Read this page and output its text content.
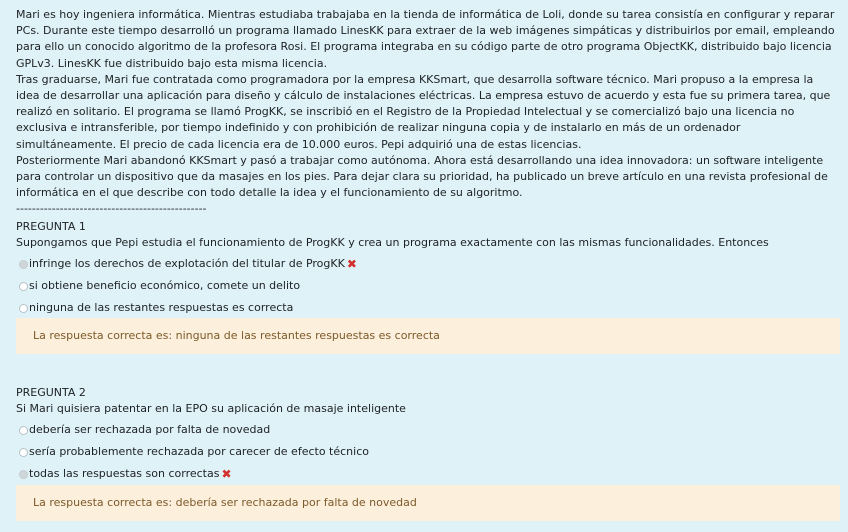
Mari es hoy ingeniera informática. Mientras estudiaba trabajaba en la tienda de informática de Loli, donde su tarea consistía en configurar y reparar PCs. Durante este tiempo desarrolló un programa llamado LinesKK para extraer de la web imágenes simpáticas y distribuirlos por email, empleando para ello un conocido algoritmo de la profesora Rosi. El programa integraba en su código parte de otro programa ObjectKK, distribuido bajo licencia GPLv3. LinesKK fue distribuido bajo esta misma licencia.

Tras graduarse, Mari fue contratada como programadora por la empresa KKSmart, que desarrolla software técnico. Mari propuso a la empresa la idea de desarrollar una aplicación para diseño y cálculo de instalaciones eléctricas. La empresa estuvo de acuerdo y esta fue su primera tarea, que realizó en solitario. El programa se llamó ProgKK, se inscribió en el Registro de la Propiedad Intelectual y se comercializó bajo una licencia no exclusiva e intransferible, por tiempo indefinido y con prohibición de realizar ninguna copia y de instalarlo en más de un ordenador simultáneamente. El precio de cada licencia era de 10.000 euros. Pepi adquirió una de estas licencias.

Posteriormente Mari abandonó KKSmart y pasó a trabajar como autónoma. Ahora está desarrollando una idea innovadora: un software inteligente para controlar un dispositivo que da masajes en los pies. Para dejar clara su prioridad, ha publicado un breve artículo en una revista profesional de informática en el que describe con todo detalle la idea y el funcionamiento de su algoritmo.

------------------------------------------------

PREGUNTA 1

Supongamos que Pepi estudia el funcionamiento de ProgKK y crea un programa exactamente con las mismas funcionalidades. Entonces

infringe los derechos de explotación del titular de ProgKK ✖
si obtiene beneficio económico, comete un delito
ninguna de las restantes respuestas es correcta
La respuesta correcta es: ninguna de las restantes respuestas es correcta

PREGUNTA 2

Si Mari quisiera patentar en la EPO su aplicación de masaje inteligente

debería ser rechazada por falta de novedad
sería probablemente rechazada por carecer de efecto técnico
todas las respuestas son correctas ✖
La respuesta correcta es: debería ser rechazada por falta de novedad
